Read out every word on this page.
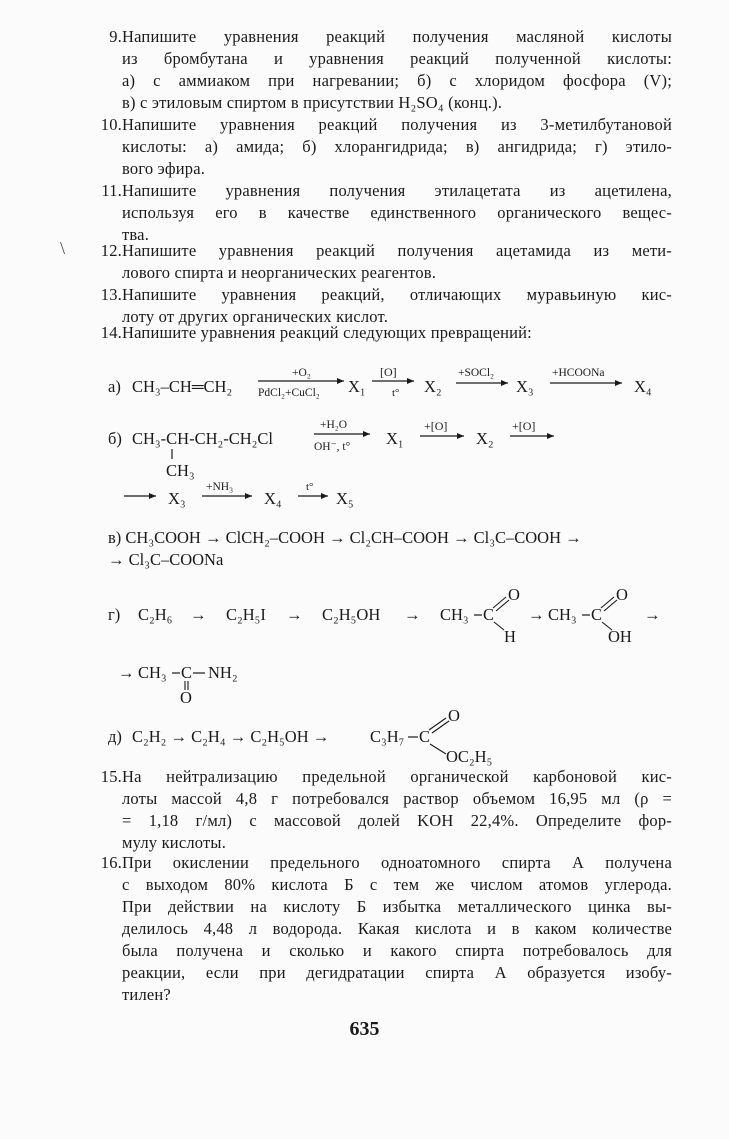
9. Напишите уравнения реакций получения масляной кислоты
из бромбутана и уравнения реакций полученной кислоты:
а) с аммиаком при нагревании; б) с хлоридом фосфора (V);
в) с этиловым спиртом в присутствии H₂SO₄ (конц.).
10. Напишите уравнения реакций получения из 3-метилбутановой
кислоты: а) амида; б) хлорангидрида; в) ангидрида; г) этило-
вого эфира.
11. Напишите уравнения получения этилацетата из ацетилена,
используя его в качестве единственного органического вещес-
тва.
\	12. Напишите уравнения реакций получения ацетамида из мети-
лового спирта и неорганических реагентов.
13. Напишите уравнения реакций, отличающих муравьиную кис-
лоту от других органических кислот.
14. Напишите уравнения реакций следующих превращений:
а) CH₃–CH═CH₂
+O₂
PdCl₂+CuCl₂ X₁
[O]
t° X₂
+SOCl₂
X₃
+HCOONa
X₄
б) CH₃-CH-CH₂-CH₂Cl
CH₃
+H₂O
OH⁻, t° X₁
+[O]
X₂
+[O]
X₃
+NH₃
X₄
t°
X₅
в) CH₃COOH → ClCH₂–COOH → Cl₂CH–COOH → Cl₃C–COOH →
→ Cl₃C–COONa
г) C₂H₆ → C₂H₅I → C₂H₅OH → CH₃ C
O
H
→ CH₃ C
O
OH
→
→ CH₃ C NH₂
O
д) C₂H₂ → C₂H₄ → C₂H₅OH → C₃H₇ C
O
OC₂H₅
15. На нейтрализацию предельной органической карбоновой кис-
лоты массой 4,8 г потребовался раствор объемом 16,95 мл (ρ =
= 1,18 г/мл) с массовой долей KOH 22,4%. Определите фор-
мулу кислоты.
16. При окислении предельного одноатомного спирта А получена
с выходом 80% кислота Б с тем же числом атомов углерода.
При действии на кислоту Б избытка металлического цинка вы-
делилось 4,48 л водорода. Какая кислота и в каком количестве
была получена и сколько и какого спирта потребовалось для
реакции, если при дегидратации спирта А образуется изобу-
тилен?
635
